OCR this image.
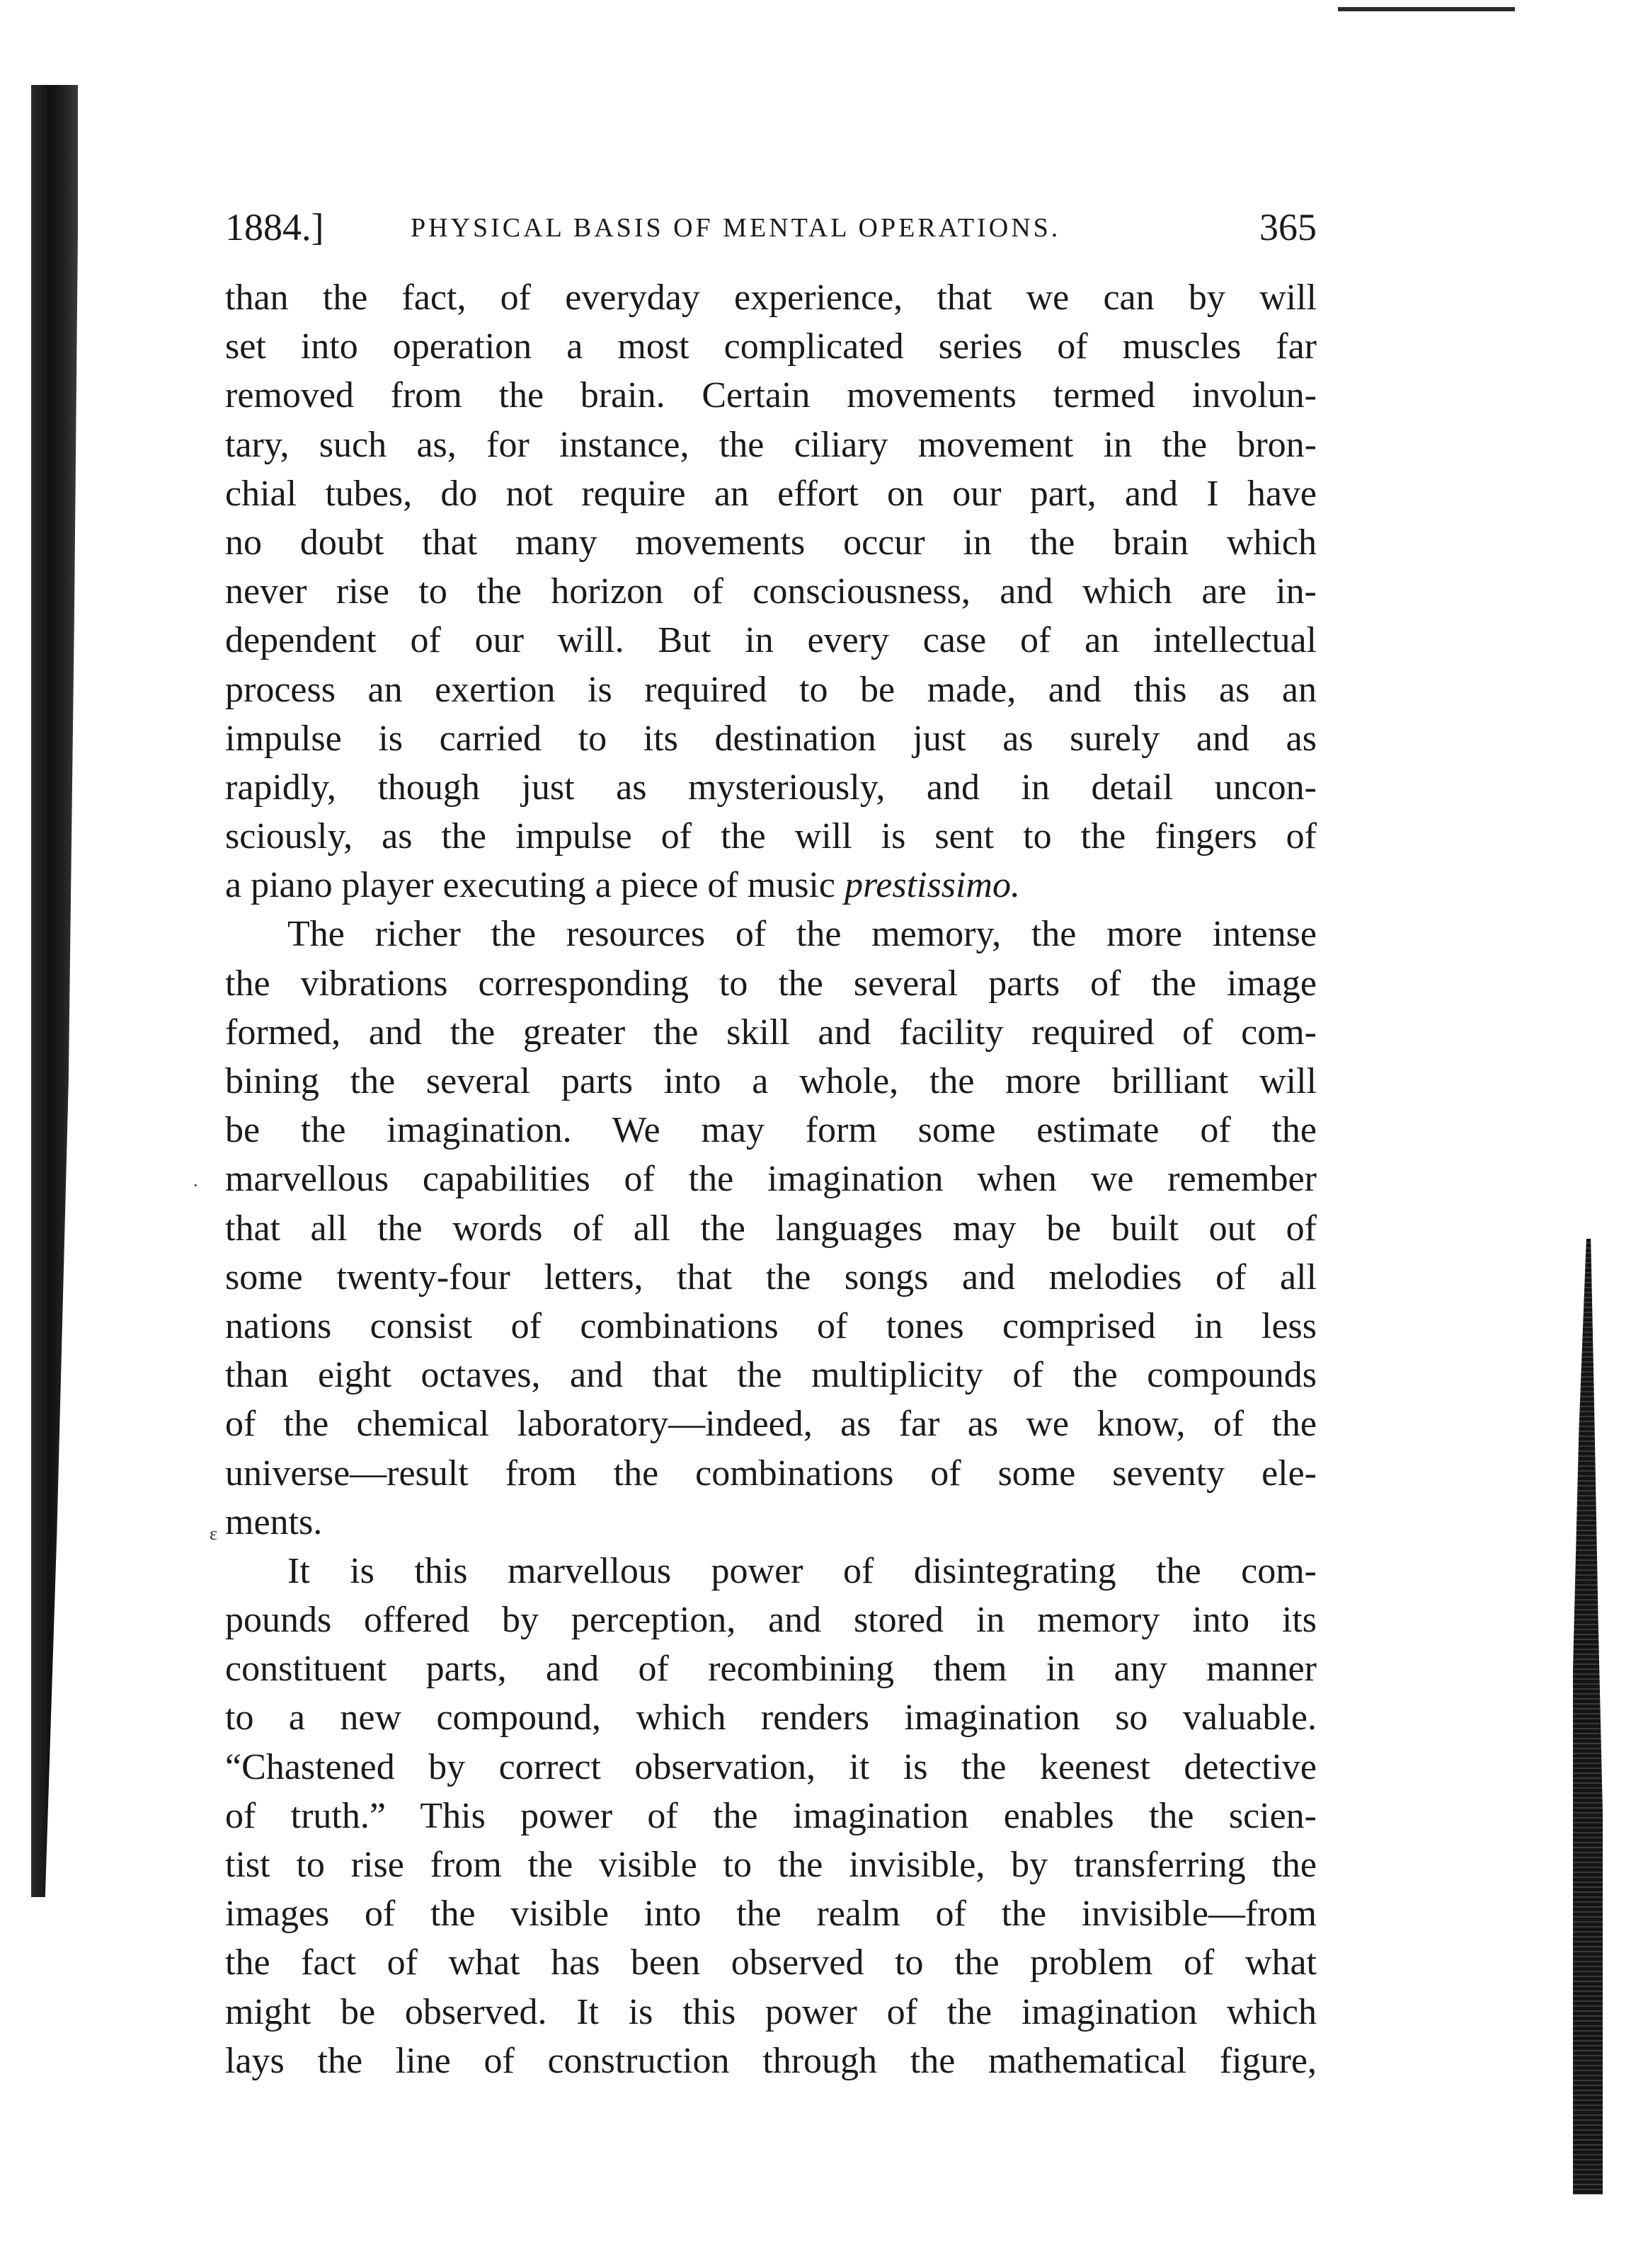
·
ɛ
1884.]	PHYSICAL BASIS OF MENTAL OPERATIONS.	365
than the fact, of everyday experience, that we can by will
set into operation a most complicated series of muscles far
removed from the brain. Certain movements termed involun-
tary, such as, for instance, the ciliary movement in the bron-
chial tubes, do not require an effort on our part, and I have
no doubt that many movements occur in the brain which
never rise to the horizon of consciousness, and which are in-
dependent of our will. But in every case of an intellectual
process an exertion is required to be made, and this as an
impulse is carried to its destination just as surely and as
rapidly, though just as mysteriously, and in detail uncon-
sciously, as the impulse of the will is sent to the fingers of
a piano player executing a piece of music prestissimo.
The richer the resources of the memory, the more intense
the vibrations corresponding to the several parts of the image
formed, and the greater the skill and facility required of com-
bining the several parts into a whole, the more brilliant will
be the imagination. We may form some estimate of the
marvellous capabilities of the imagination when we remember
that all the words of all the languages may be built out of
some twenty-four letters, that the songs and melodies of all
nations consist of combinations of tones comprised in less
than eight octaves, and that the multiplicity of the compounds
of the chemical laboratory—indeed, as far as we know, of the
universe—result from the combinations of some seventy ele-
ments.
It is this marvellous power of disintegrating the com-
pounds offered by perception, and stored in memory into its
constituent parts, and of recombining them in any manner
to a new compound, which renders imagination so valuable.
“Chastened by correct observation, it is the keenest detective
of truth.” This power of the imagination enables the scien-
tist to rise from the visible to the invisible, by transferring the
images of the visible into the realm of the invisible—from
the fact of what has been observed to the problem of what
might be observed. It is this power of the imagination which
lays the line of construction through the mathematical figure,
